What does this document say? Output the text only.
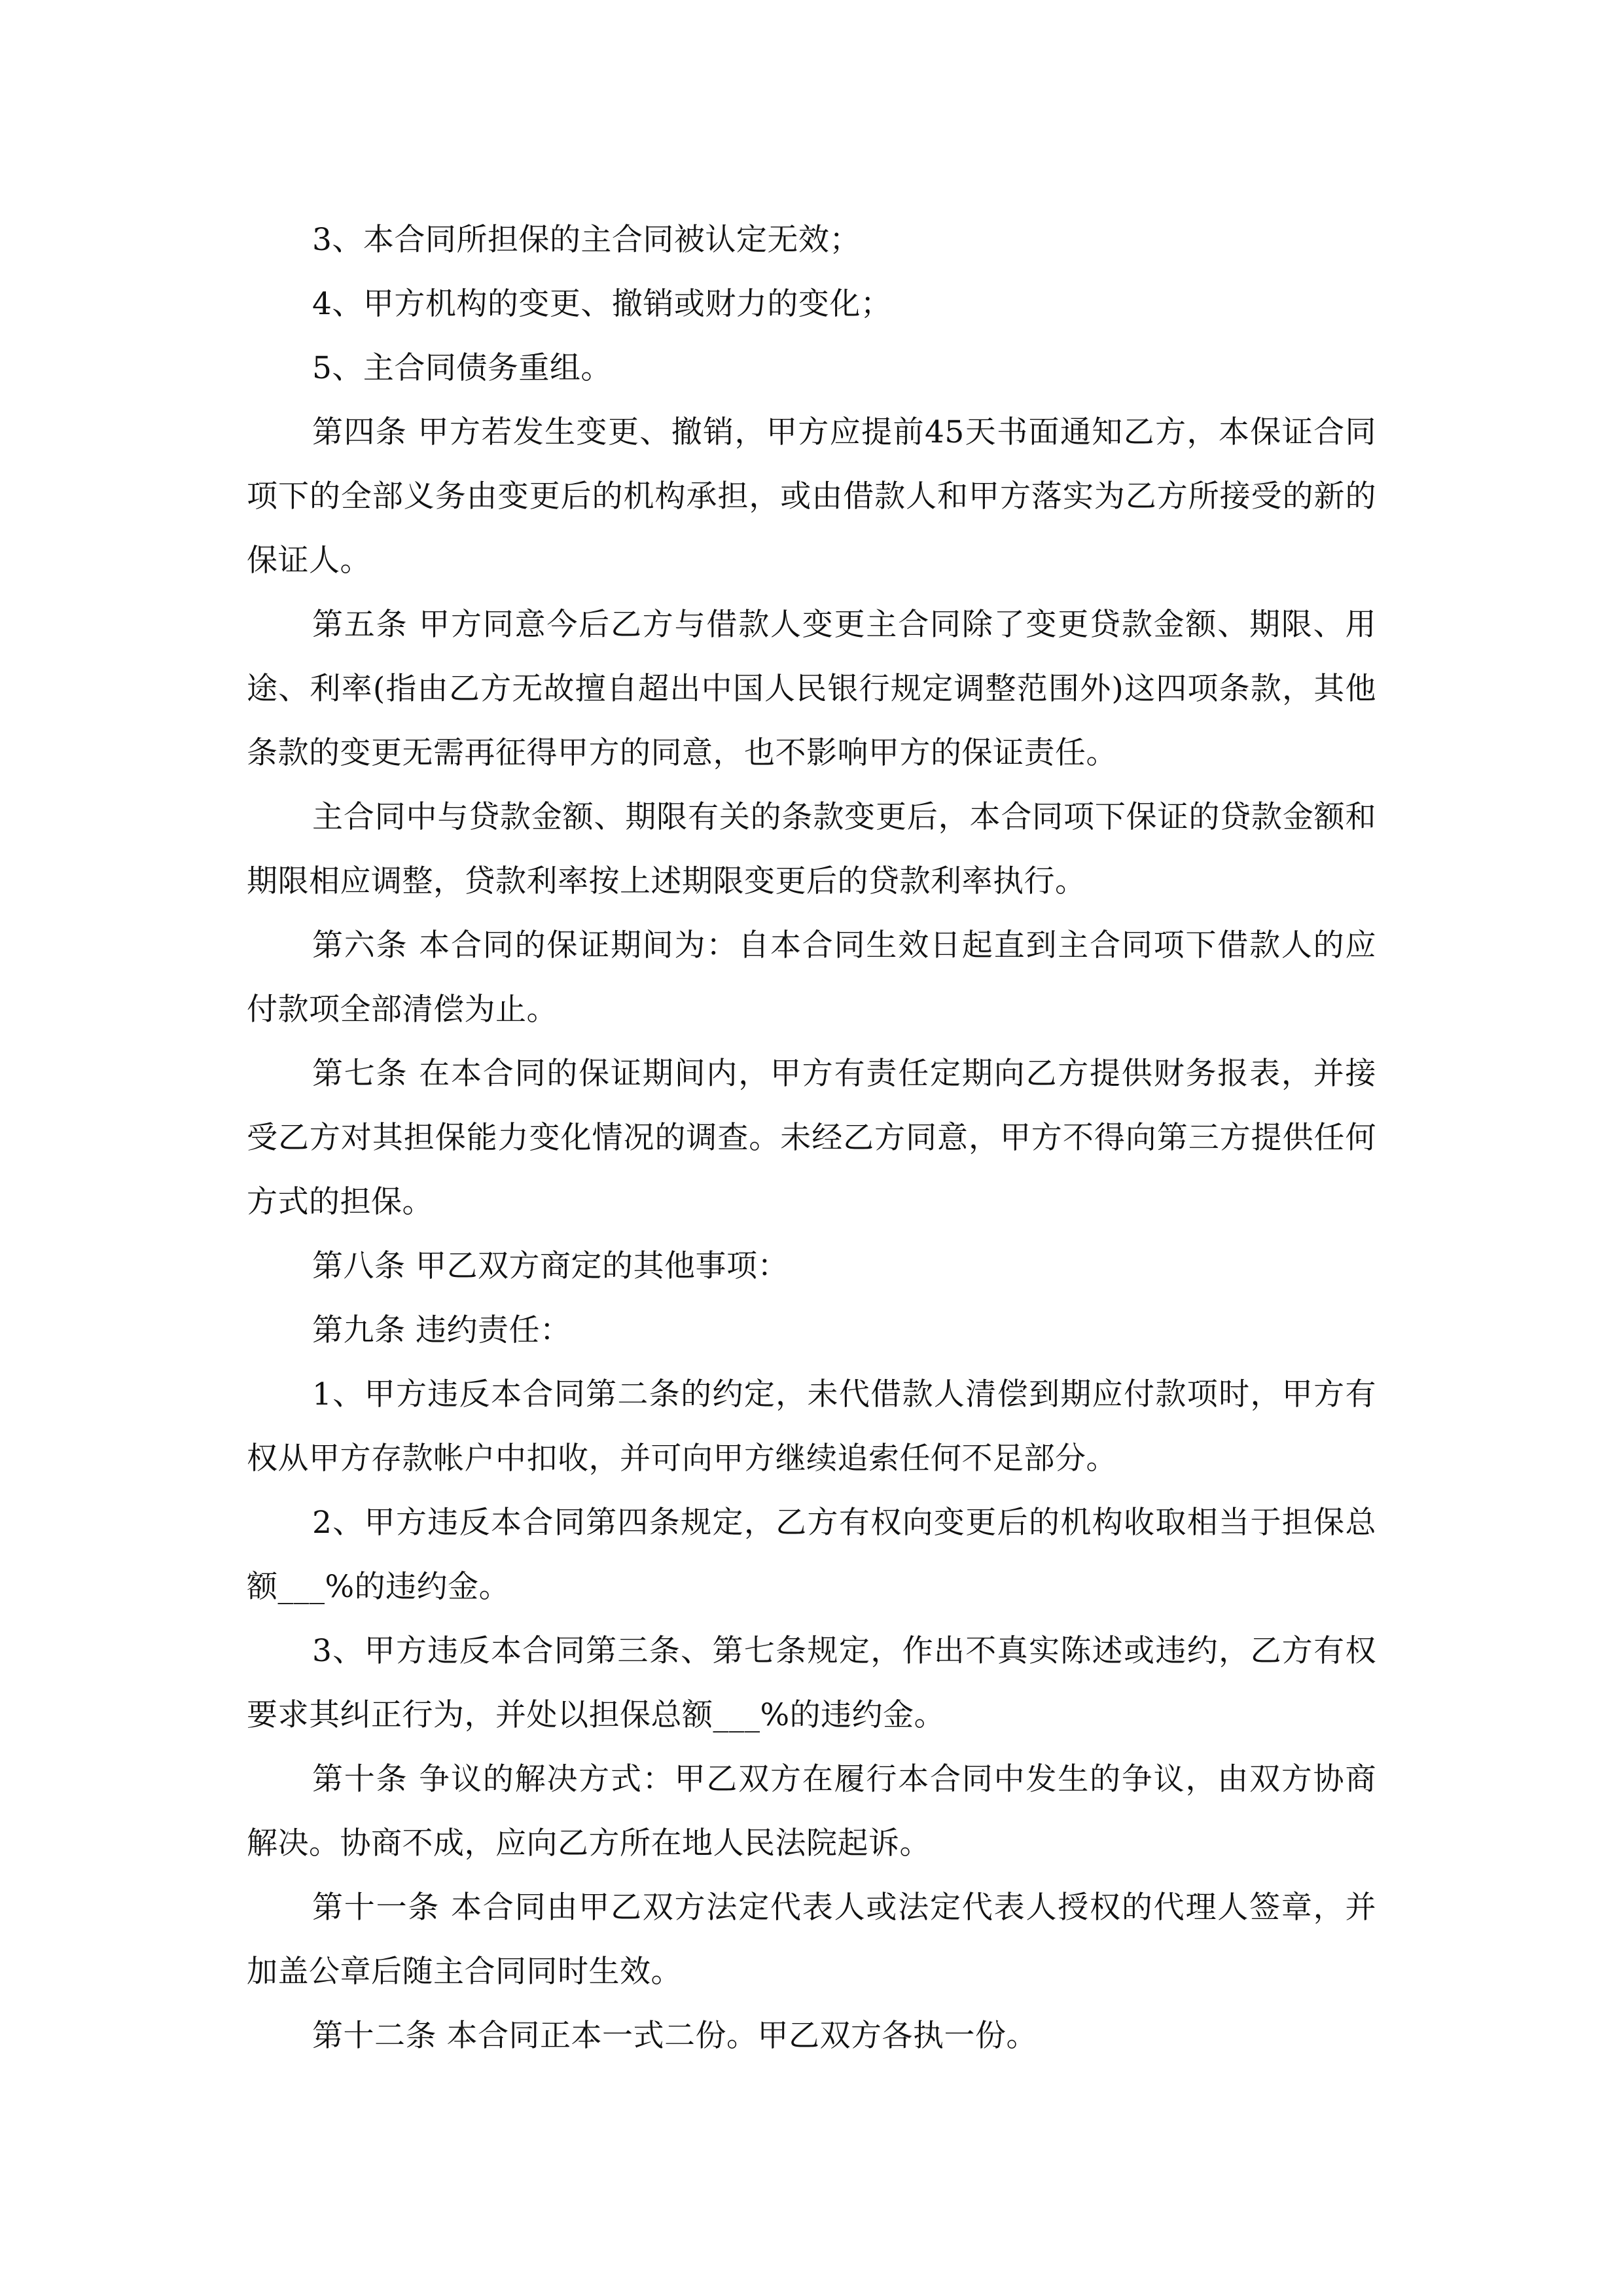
3、本合同所担保的主合同被认定无效；

4、甲方机构的变更、撤销或财力的变化；

5、主合同债务重组。

第四条 甲方若发生变更、撤销，甲方应提前45天书面通知乙方，本保证合同项下的全部义务由变更后的机构承担，或由借款人和甲方落实为乙方所接受的新的保证人。

第五条 甲方同意今后乙方与借款人变更主合同除了变更贷款金额、期限、用途、利率(指由乙方无故擅自超出中国人民银行规定调整范围外)这四项条款，其他条款的变更无需再征得甲方的同意，也不影响甲方的保证责任。

主合同中与贷款金额、期限有关的条款变更后，本合同项下保证的贷款金额和期限相应调整，贷款利率按上述期限变更后的贷款利率执行。

第六条 本合同的保证期间为：自本合同生效日起直到主合同项下借款人的应付款项全部清偿为止。

第七条 在本合同的保证期间内，甲方有责任定期向乙方提供财务报表，并接受乙方对其担保能力变化情况的调查。未经乙方同意，甲方不得向第三方提供任何方式的担保。

第八条 甲乙双方商定的其他事项：

第九条 违约责任：

1、甲方违反本合同第二条的约定，未代借款人清偿到期应付款项时，甲方有权从甲方存款帐户中扣收，并可向甲方继续追索任何不足部分。

2、甲方违反本合同第四条规定，乙方有权向变更后的机构收取相当于担保总额___%的违约金。

3、甲方违反本合同第三条、第七条规定，作出不真实陈述或违约，乙方有权要求其纠正行为，并处以担保总额___%的违约金。

第十条 争议的解决方式：甲乙双方在履行本合同中发生的争议，由双方协商解决。协商不成，应向乙方所在地人民法院起诉。

第十一条 本合同由甲乙双方法定代表人或法定代表人授权的代理人签章，并加盖公章后随主合同同时生效。

第十二条 本合同正本一式二份。甲乙双方各执一份。
